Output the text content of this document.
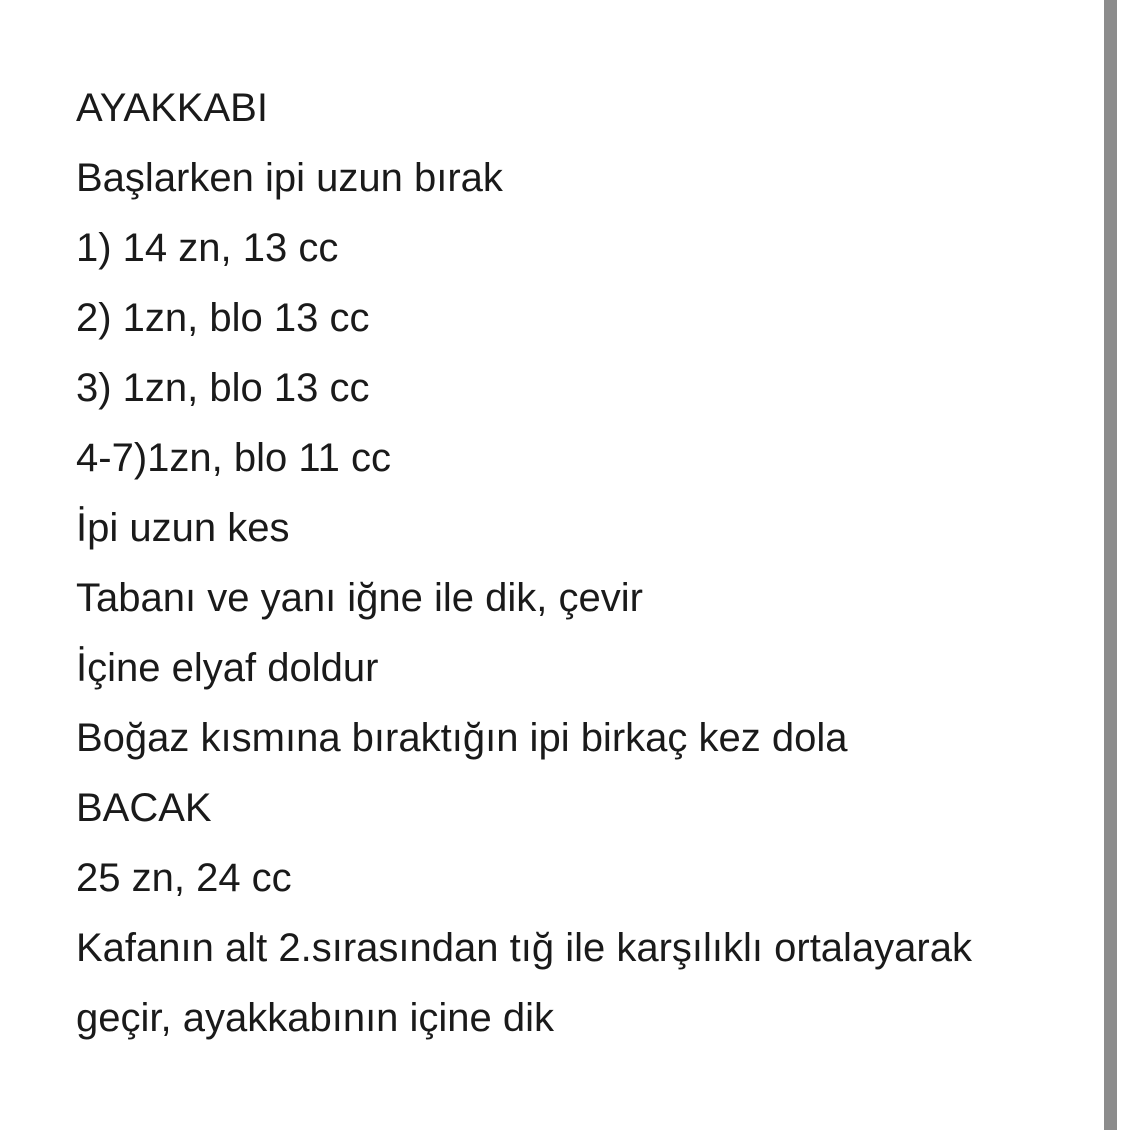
AYAKKABI
Başlarken ipi uzun bırak
1) 14 zn, 13 cc
2) 1zn, blo 13 cc
3) 1zn, blo 13 cc
4-7)1zn, blo 11 cc
İpi uzun kes
Tabanı ve yanı iğne ile dik, çevir
İçine elyaf doldur
Boğaz kısmına bıraktığın ipi birkaç kez dola
BACAK
25 zn, 24 cc
Kafanın alt 2.sırasından tığ ile karşılıklı ortalayarak
geçir, ayakkabının içine dik
